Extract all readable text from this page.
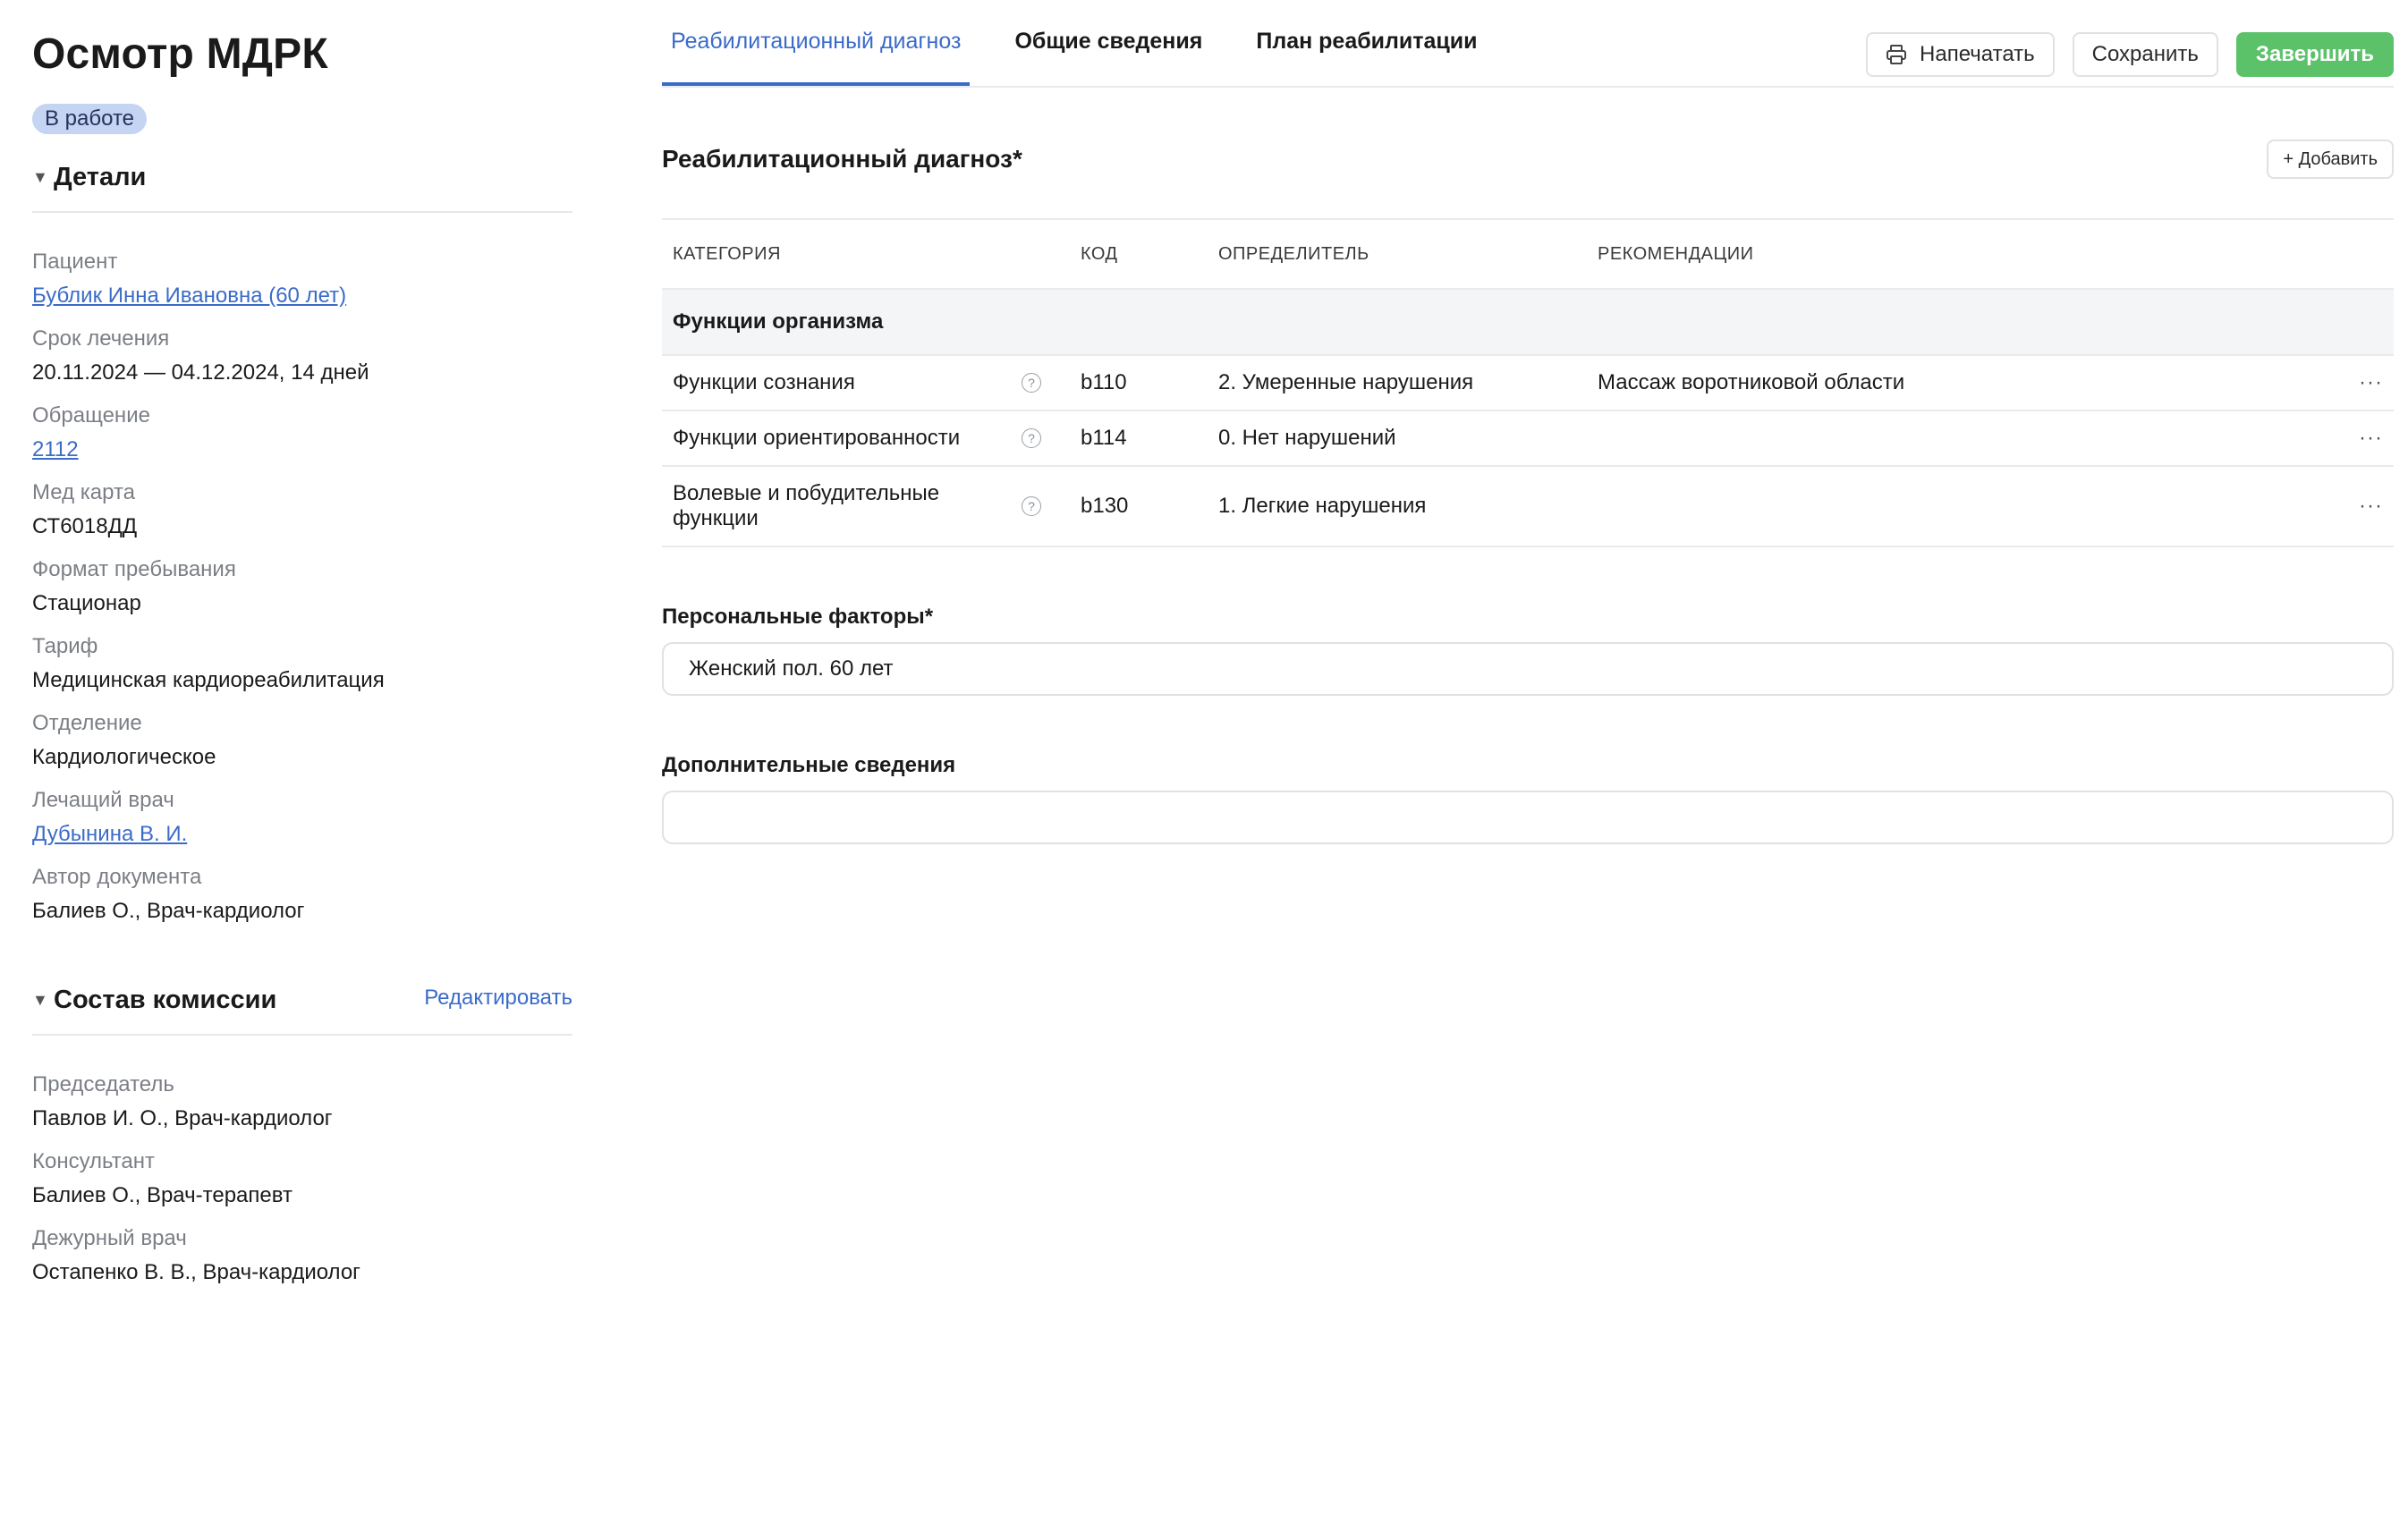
Осмотр МДРК
В работе
▼ Детали
Пациент
Бублик Инна Ивановна (60 лет)
Срок лечения
20.11.2024 — 04.12.2024, 14 дней
Обращение
2112
Мед карта
СТ6018ДД
Формат пребывания
Стационар
Тариф
Медицинская кардиореабилитация
Отделение
Кардиологическое
Лечащий врач
Дубынина В. И.
Автор документа
Балиев О., Врач-кардиолог
▼ Состав комиссии	Редактировать
Председатель
Павлов И. О., Врач-кардиолог
Консультант
Балиев О., Врач-терапевт
Дежурный врач
Остапенко В. В., Врач-кардиолог
Реабилитационный диагноз	Общие сведения	План реабилитации
Напечатать	Сохранить	Завершить
Реабилитационный диагноз*	+ Добавить
КАТЕГОРИЯ	КОД	ОПРЕДЕЛИТЕЛЬ	РЕКОМЕНДАЦИИ	
Функции организма				

Функции сознания ?	b110	2. Умеренные нарушения	Массаж воротниковой области	···

Функции ориентированности ?	b114	0. Нет нарушений		···

Волевые и побудительные функции ?	b130	1. Легкие нарушения		···
Персональные факторы*
Женский пол. 60 лет
Дополнительные сведения
